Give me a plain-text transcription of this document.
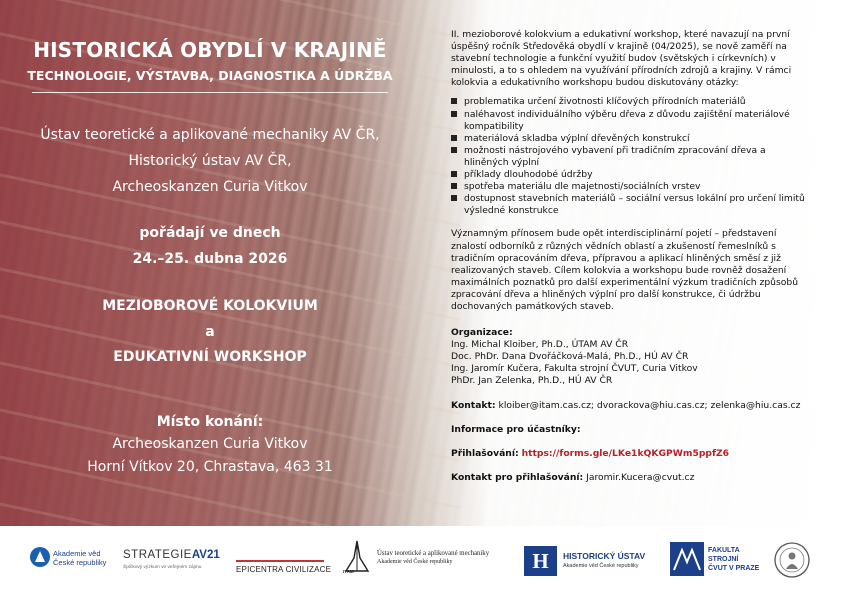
HISTORICKÁ OBYDLÍ V KRAJINĚ
TECHNOLOGIE, VÝSTAVBA, DIAGNOSTIKA A ÚDRŽBA
Ústav teoretické a aplikované mechaniky AV ČR,
Historický ústav AV ČR,
Archeoskanzen Curia Vitkov
pořádají ve dnech
24.–25. dubna 2026
MEZIOBOROVÉ KOLOKVIUM
a
EDUKATIVNÍ WORKSHOP
Místo konání:
Archeoskanzen Curia Vitkov
Horní Vítkov 20, Chrastava, 463 31

II. mezioborové kolokvium a edukativní workshop, které navazují na první úspěšný ročník Středověká obydlí v krajině (04/2025), se nově zaměří na stavební technologie a funkční využití budov (světských i církevních) v minulosti, a to s ohledem na využívání přírodních zdrojů a krajiny. V rámci kolokvia a edukativního workshopu budou diskutovány otázky:

problematika určení životnosti klíčových přírodních materiálů
naléhavost individuálního výběru dřeva z důvodu zajištění materiálové kompatibility
materiálová skladba výplní dřevěných konstrukcí
možnosti nástrojového vybavení při tradičním zpracování dřeva a hliněných výplní
příklady dlouhodobé údržby
spotřeba materiálu dle majetnosti/sociálních vrstev
dostupnost stavebních materiálů – sociální versus lokální pro určení limitů výsledné konstrukce

Významným přínosem bude opět interdisciplinární pojetí – představení znalostí odborníků z různých vědních oblastí a zkušeností řemeslníků s tradičním opracováním dřeva, přípravou a aplikací hliněných směsí z již realizovaných staveb. Cílem kolokvia a workshopu bude rovněž dosažení maximálních poznatků pro další experimentální výzkum tradičních způsobů zpracování dřeva a hliněných výplní pro další konstrukce, či údržbu dochovaných památkových staveb.

Organizace:
Ing. Michal Kloiber, Ph.D., ÚTAM AV ČR
Doc. PhDr. Dana Dvořáčková-Malá, Ph.D., HÚ AV ČR
Ing. Jaromír Kučera, Fakulta strojní ČVUT, Curia Vitkov
PhDr. Jan Zelenka, Ph.D., HÚ AV ČR
Kontakt: kloiber@itam.cas.cz; dvorackova@hiu.cas.cz; zelenka@hiu.cas.cz
Informace pro účastníky:
Přihlašování: https://forms.gle/LKe1kQKGPWm5ppfZ6
Kontakt pro přihlašování: Jaromir.Kucera@cvut.cz
Akademie věd
České republiky
STRATEGIEAV21
Špičkový výzkum ve veřejném zájmu	EPICENTRA CIVILIZACE	ITAM
Ústav teoretické a aplikované mechaniky
Akademie věd České republiky	H	HISTORICKÝ ÚSTAV
Akademie věd České republiky
FAKULTA
STROJNÍ
ČVUT V PRAZE
